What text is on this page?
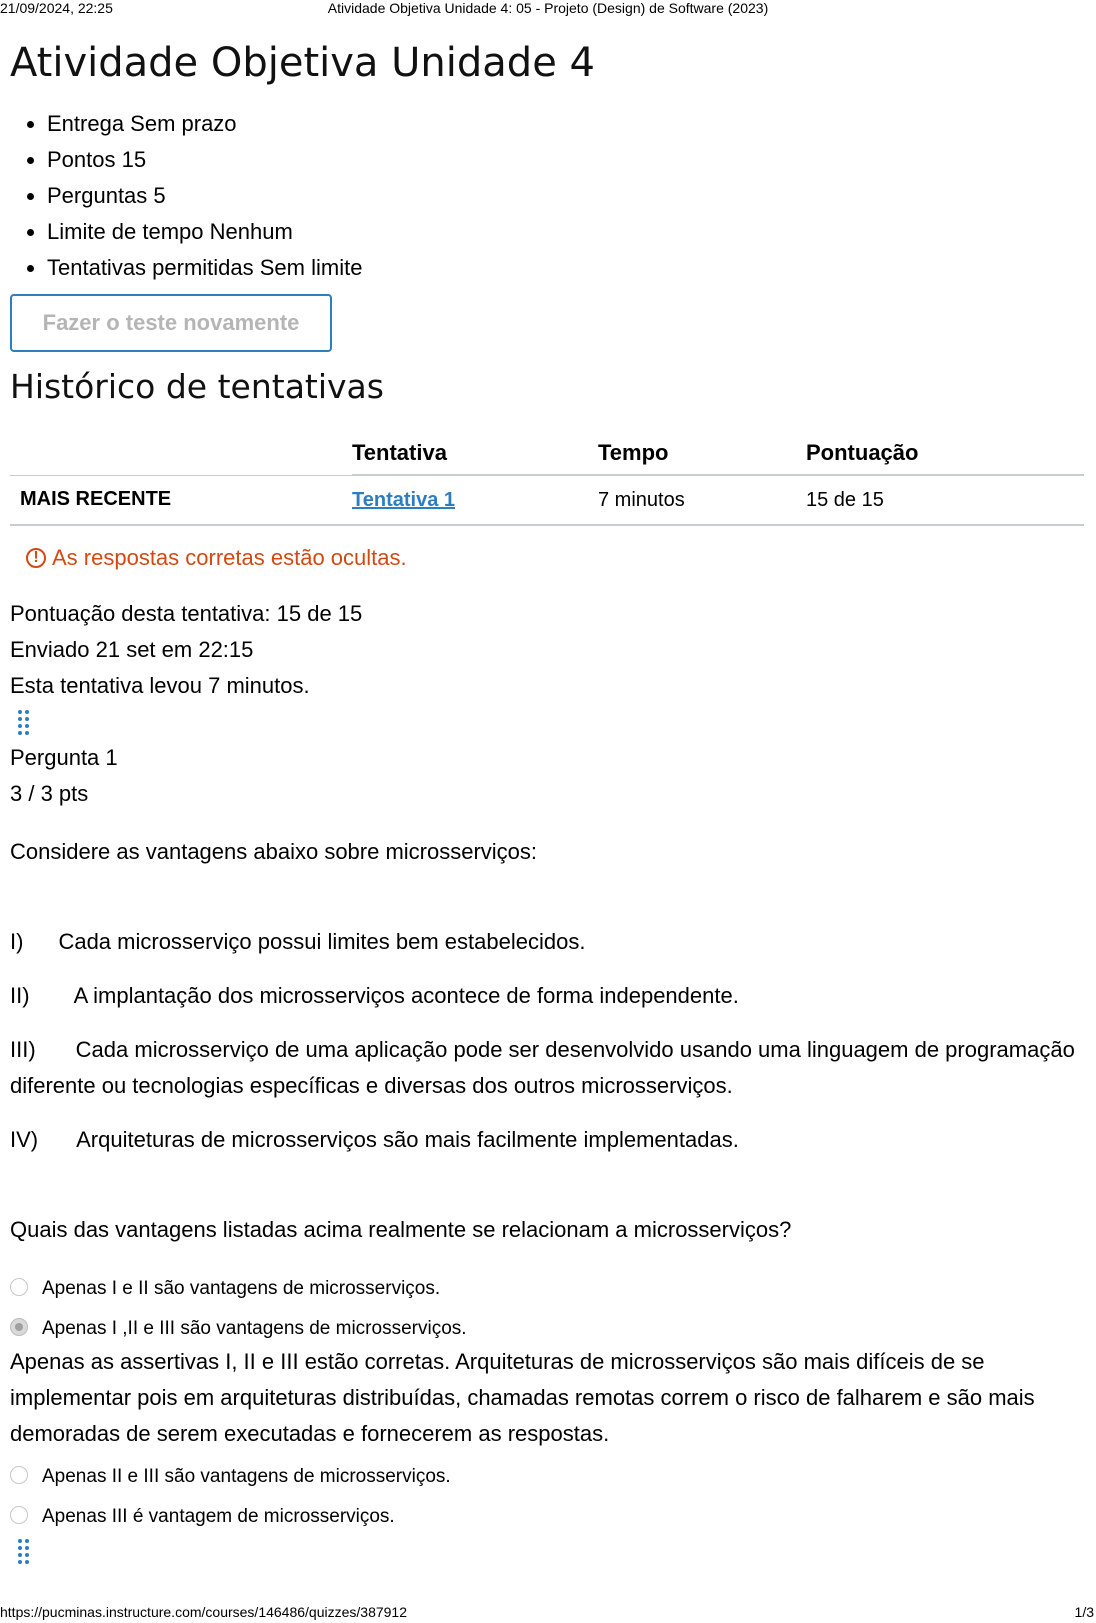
21/09/2024, 22:25	Atividade Objetiva Unidade 4: 05 - Projeto (Design) de Software (2023)
Atividade Objetiva Unidade 4
• Entrega Sem prazo
• Pontos 15
• Perguntas 5
• Limite de tempo Nenhum
• Tentativas permitidas Sem limite
Fazer o teste novamente
Histórico de tentativas
	Tentativa	Tempo	Pontuação
MAIS RECENTE	Tentativa 1	7 minutos	15 de 15
! As respostas corretas estão ocultas.
Pontuação desta tentativa: 15 de 15
Enviado 21 set em 22:15
Esta tentativa levou 7 minutos.
Pergunta 1
3 / 3 pts

Considere as vantagens abaixo sobre microsserviços:

I) Cada microsserviço possui limites bem estabelecidos.

II) A implantação dos microsserviços acontece de forma independente.

III) Cada microsserviço de uma aplicação pode ser desenvolvido usando uma linguagem de programação diferente ou tecnologias específicas e diversas dos outros microsserviços.

IV) Arquiteturas de microsserviços são mais facilmente implementadas.

Quais das vantagens listadas acima realmente se relacionam a microsserviços?

Apenas I e II são vantagens de microsserviços.
Apenas I ,II e III são vantagens de microsserviços.

Apenas as assertivas I, II e III estão corretas. Arquiteturas de microsserviços são mais difíceis de se implementar pois em arquiteturas distribuídas, chamadas remotas correm o risco de falharem e são mais demoradas de serem executadas e fornecerem as respostas.

Apenas II e III são vantagens de microsserviços.
Apenas III é vantagem de microsserviços.
https://pucminas.instructure.com/courses/146486/quizzes/387912	1/3
